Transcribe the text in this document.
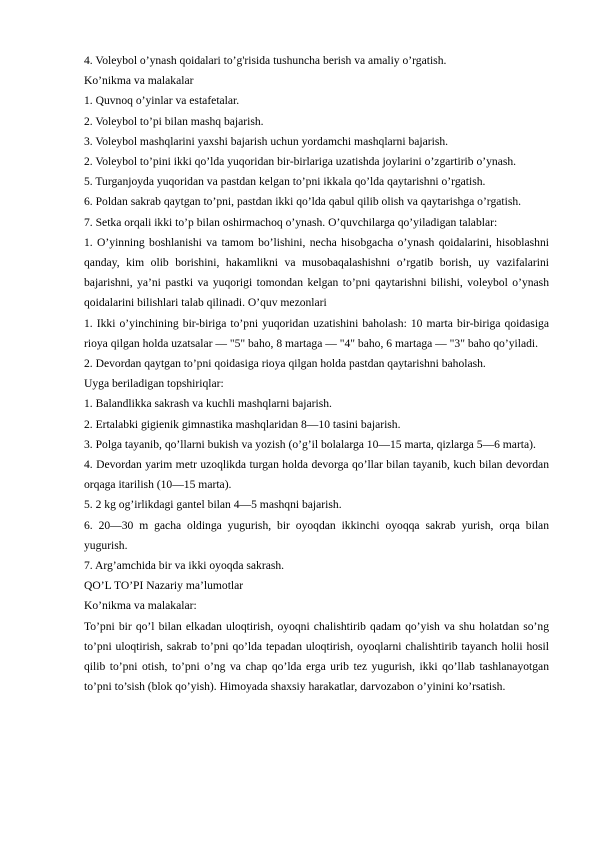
4. Voleybol o’ynash qoidalari to’g'risida tushuncha berish va amaliy o’rgatish.

Ko’nikma va malakalar

1. Quvnoq o’yinlar va estafetalar.

2. Voleybol to’pi bilan mashq bajarish.

3. Voleybol mashqlarini yaxshi bajarish uchun yordamchi mashqlarni bajarish.

2. Voleybol to’pini ikki qo’lda yuqoridan bir-birlariga uzatishda joylarini o’zgartirib o’ynash.

5. Turganjoyda yuqoridan va pastdan kelgan to’pni ikkala qo’lda qaytarishni o’rgatish.

6. Poldan sakrab qaytgan to’pni, pastdan ikki qo’lda qabul qilib olish va qaytarishga o’rgatish.

7. Setka orqali ikki to’p bilan oshirmachoq o’ynash. O’quvchilarga qo’yiladigan talablar:

1. O’yinning boshlanishi va tamom bo’lishini, necha hisobgacha o’ynash qoidalarini, hisoblashni qanday, kim olib borishini, hakamlikni va musobaqalashishni o’rgatib borish, uy vazifalarini bajarishni, ya’ni pastki va yuqorigi tomondan kelgan to’pni qaytarishni bilishi, voleybol o’ynash qoidalarini bilishlari talab qilinadi. O’quv mezonlari

1. Ikki o’yinchining bir-biriga to’pni yuqoridan uzatishini baholash: 10 marta bir-biriga qoidasiga rioya qilgan holda uzatsalar — "5" baho, 8 martaga — "4" baho, 6 martaga — "3" baho qo’yiladi.

2. Devordan qaytgan to’pni qoidasiga rioya qilgan holda pastdan qaytarishni baholash.

Uyga beriladigan topshiriqlar:

1. Balandlikka sakrash va kuchli mashqlarni bajarish.

2. Ertalabki gigienik gimnastika mashqlaridan 8—10 tasini bajarish.

3. Polga tayanib, qo’llarni bukish va yozish (o’g’il bolalarga 10—15 marta, qizlarga 5—6 marta).

4. Devordan yarim metr uzoqlikda turgan holda devorga qo’llar bilan tayanib, kuch bilan devordan orqaga itarilish (10—15 marta).

5. 2 kg og’irlikdagi gantel bilan 4—5 mashqni bajarish.

6. 20—30 m gacha oldinga yugurish, bir oyoqdan ikkinchi oyoqqa sakrab yurish, orqa bilan yugurish.

7. Arg’amchida bir va ikki oyoqda sakrash.

QO’L TO’PI Nazariy ma’lumotlar

Ko’nikma va malakalar:

To’pni bir qo’l bilan elkadan uloqtirish, oyoqni chalishtirib qadam qo’yish va shu holatdan so’ng to’pni uloqtirish, sakrab to’pni qo’lda tepadan uloqtirish, oyoqlarni chalishtirib tayanch holii hosil qilib to’pni otish, to’pni o’ng va chap qo’lda erga urib tez yugurish, ikki qo’llab tashlanayotgan to’pni to’sish (blok qo’yish). Himoyada shaxsiy harakatlar, darvozabon o’yinini ko’rsatish.
